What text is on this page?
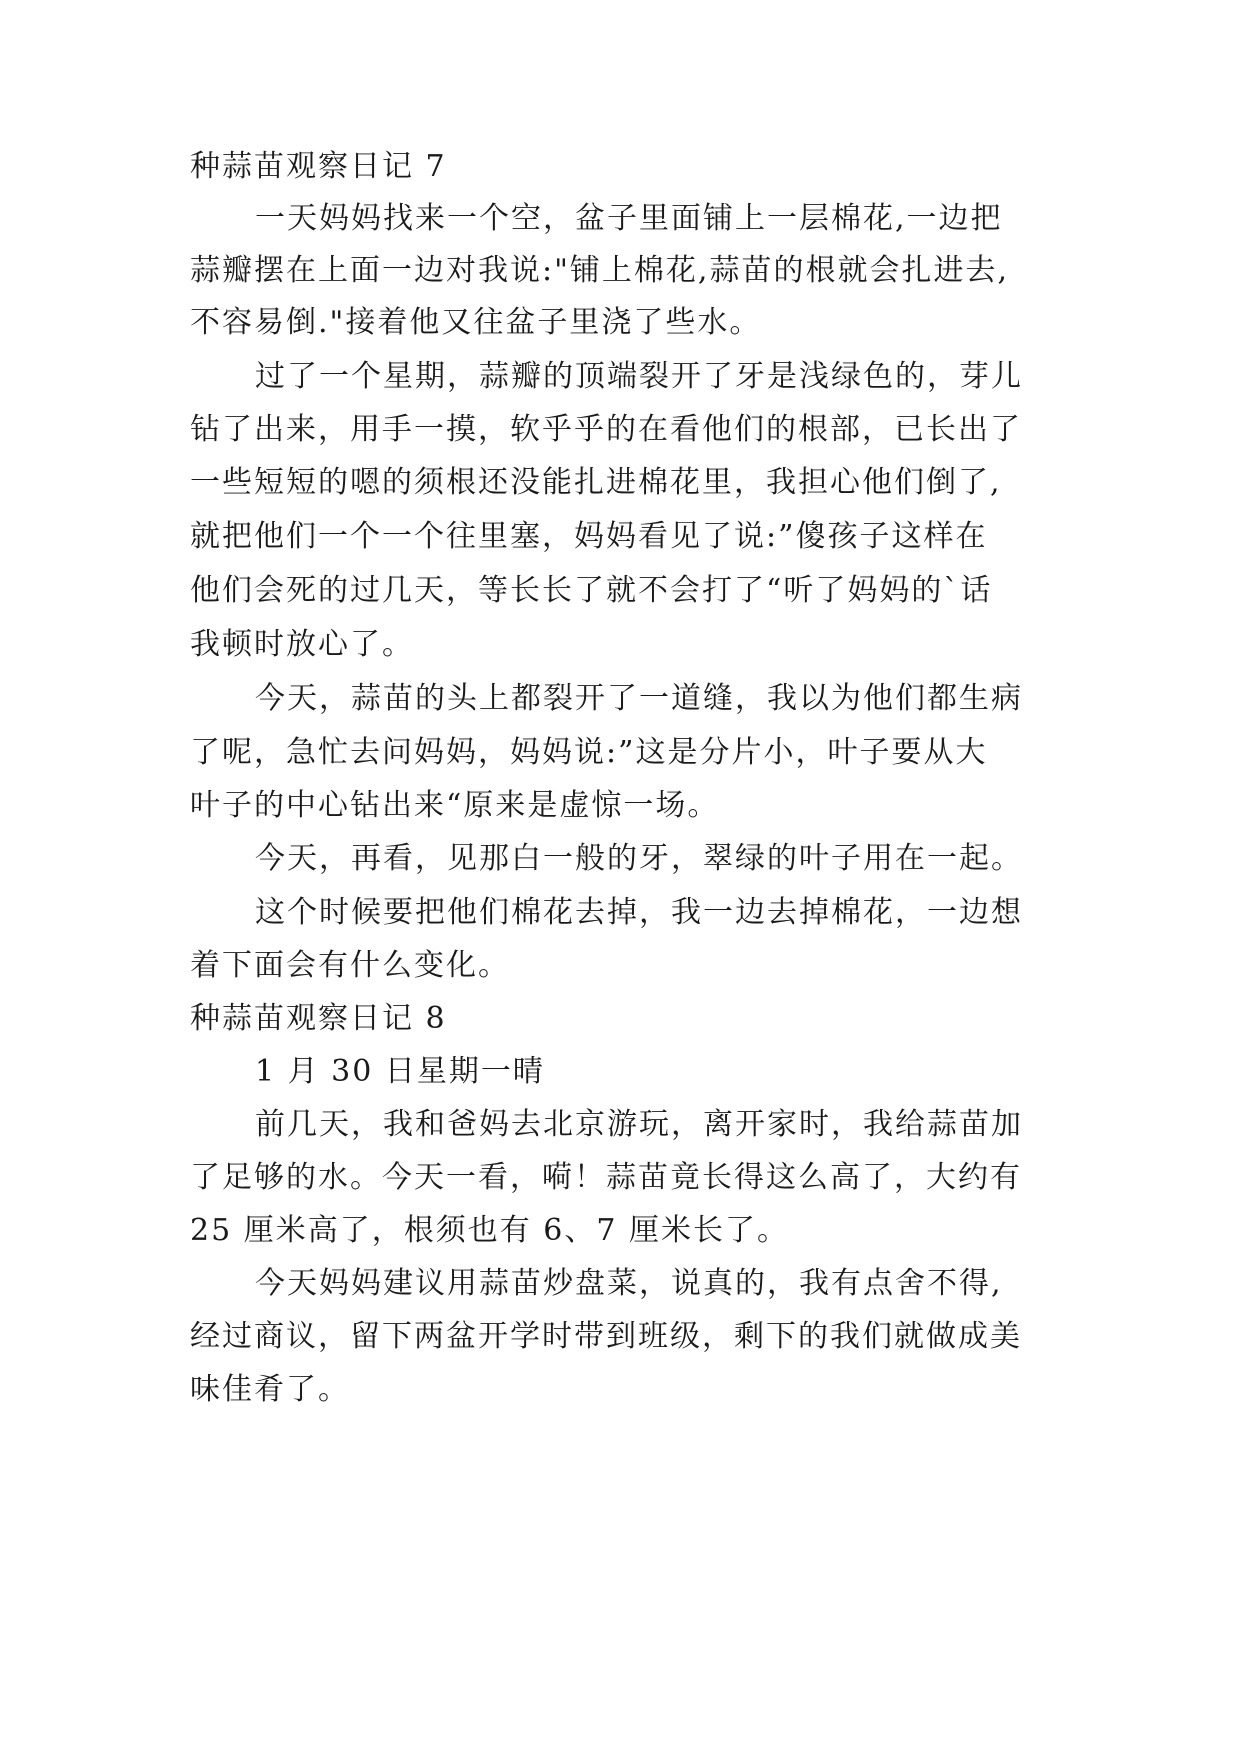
种蒜苗观察日记 7
一天妈妈找来一个空，盆子里面铺上一层棉花,一边把
蒜瓣摆在上面一边对我说:"铺上棉花,蒜苗的根就会扎进去,
不容易倒."接着他又往盆子里浇了些水。
过了一个星期，蒜瓣的顶端裂开了牙是浅绿色的，芽儿
钻了出来，用手一摸，软乎乎的在看他们的根部，已长出了
一些短短的嗯的须根还没能扎进棉花里，我担心他们倒了,
就把他们一个一个往里塞，妈妈看见了说:”傻孩子这样在
他们会死的过几天，等长长了就不会打了“听了妈妈的`话
我顿时放心了。
今天，蒜苗的头上都裂开了一道缝，我以为他们都生病
了呢，急忙去问妈妈，妈妈说:”这是分片小，叶子要从大
叶子的中心钻出来“原来是虚惊一场。
今天，再看，见那白一般的牙，翠绿的叶子用在一起。
这个时候要把他们棉花去掉，我一边去掉棉花，一边想
着下面会有什么变化。
种蒜苗观察日记 8
1 月 30 日星期一晴
前几天，我和爸妈去北京游玩，离开家时，我给蒜苗加
了足够的水。今天一看，嗬！蒜苗竟长得这么高了，大约有
25 厘米高了，根须也有 6、7 厘米长了。
今天妈妈建议用蒜苗炒盘菜，说真的，我有点舍不得,
经过商议，留下两盆开学时带到班级，剩下的我们就做成美
味佳肴了。
